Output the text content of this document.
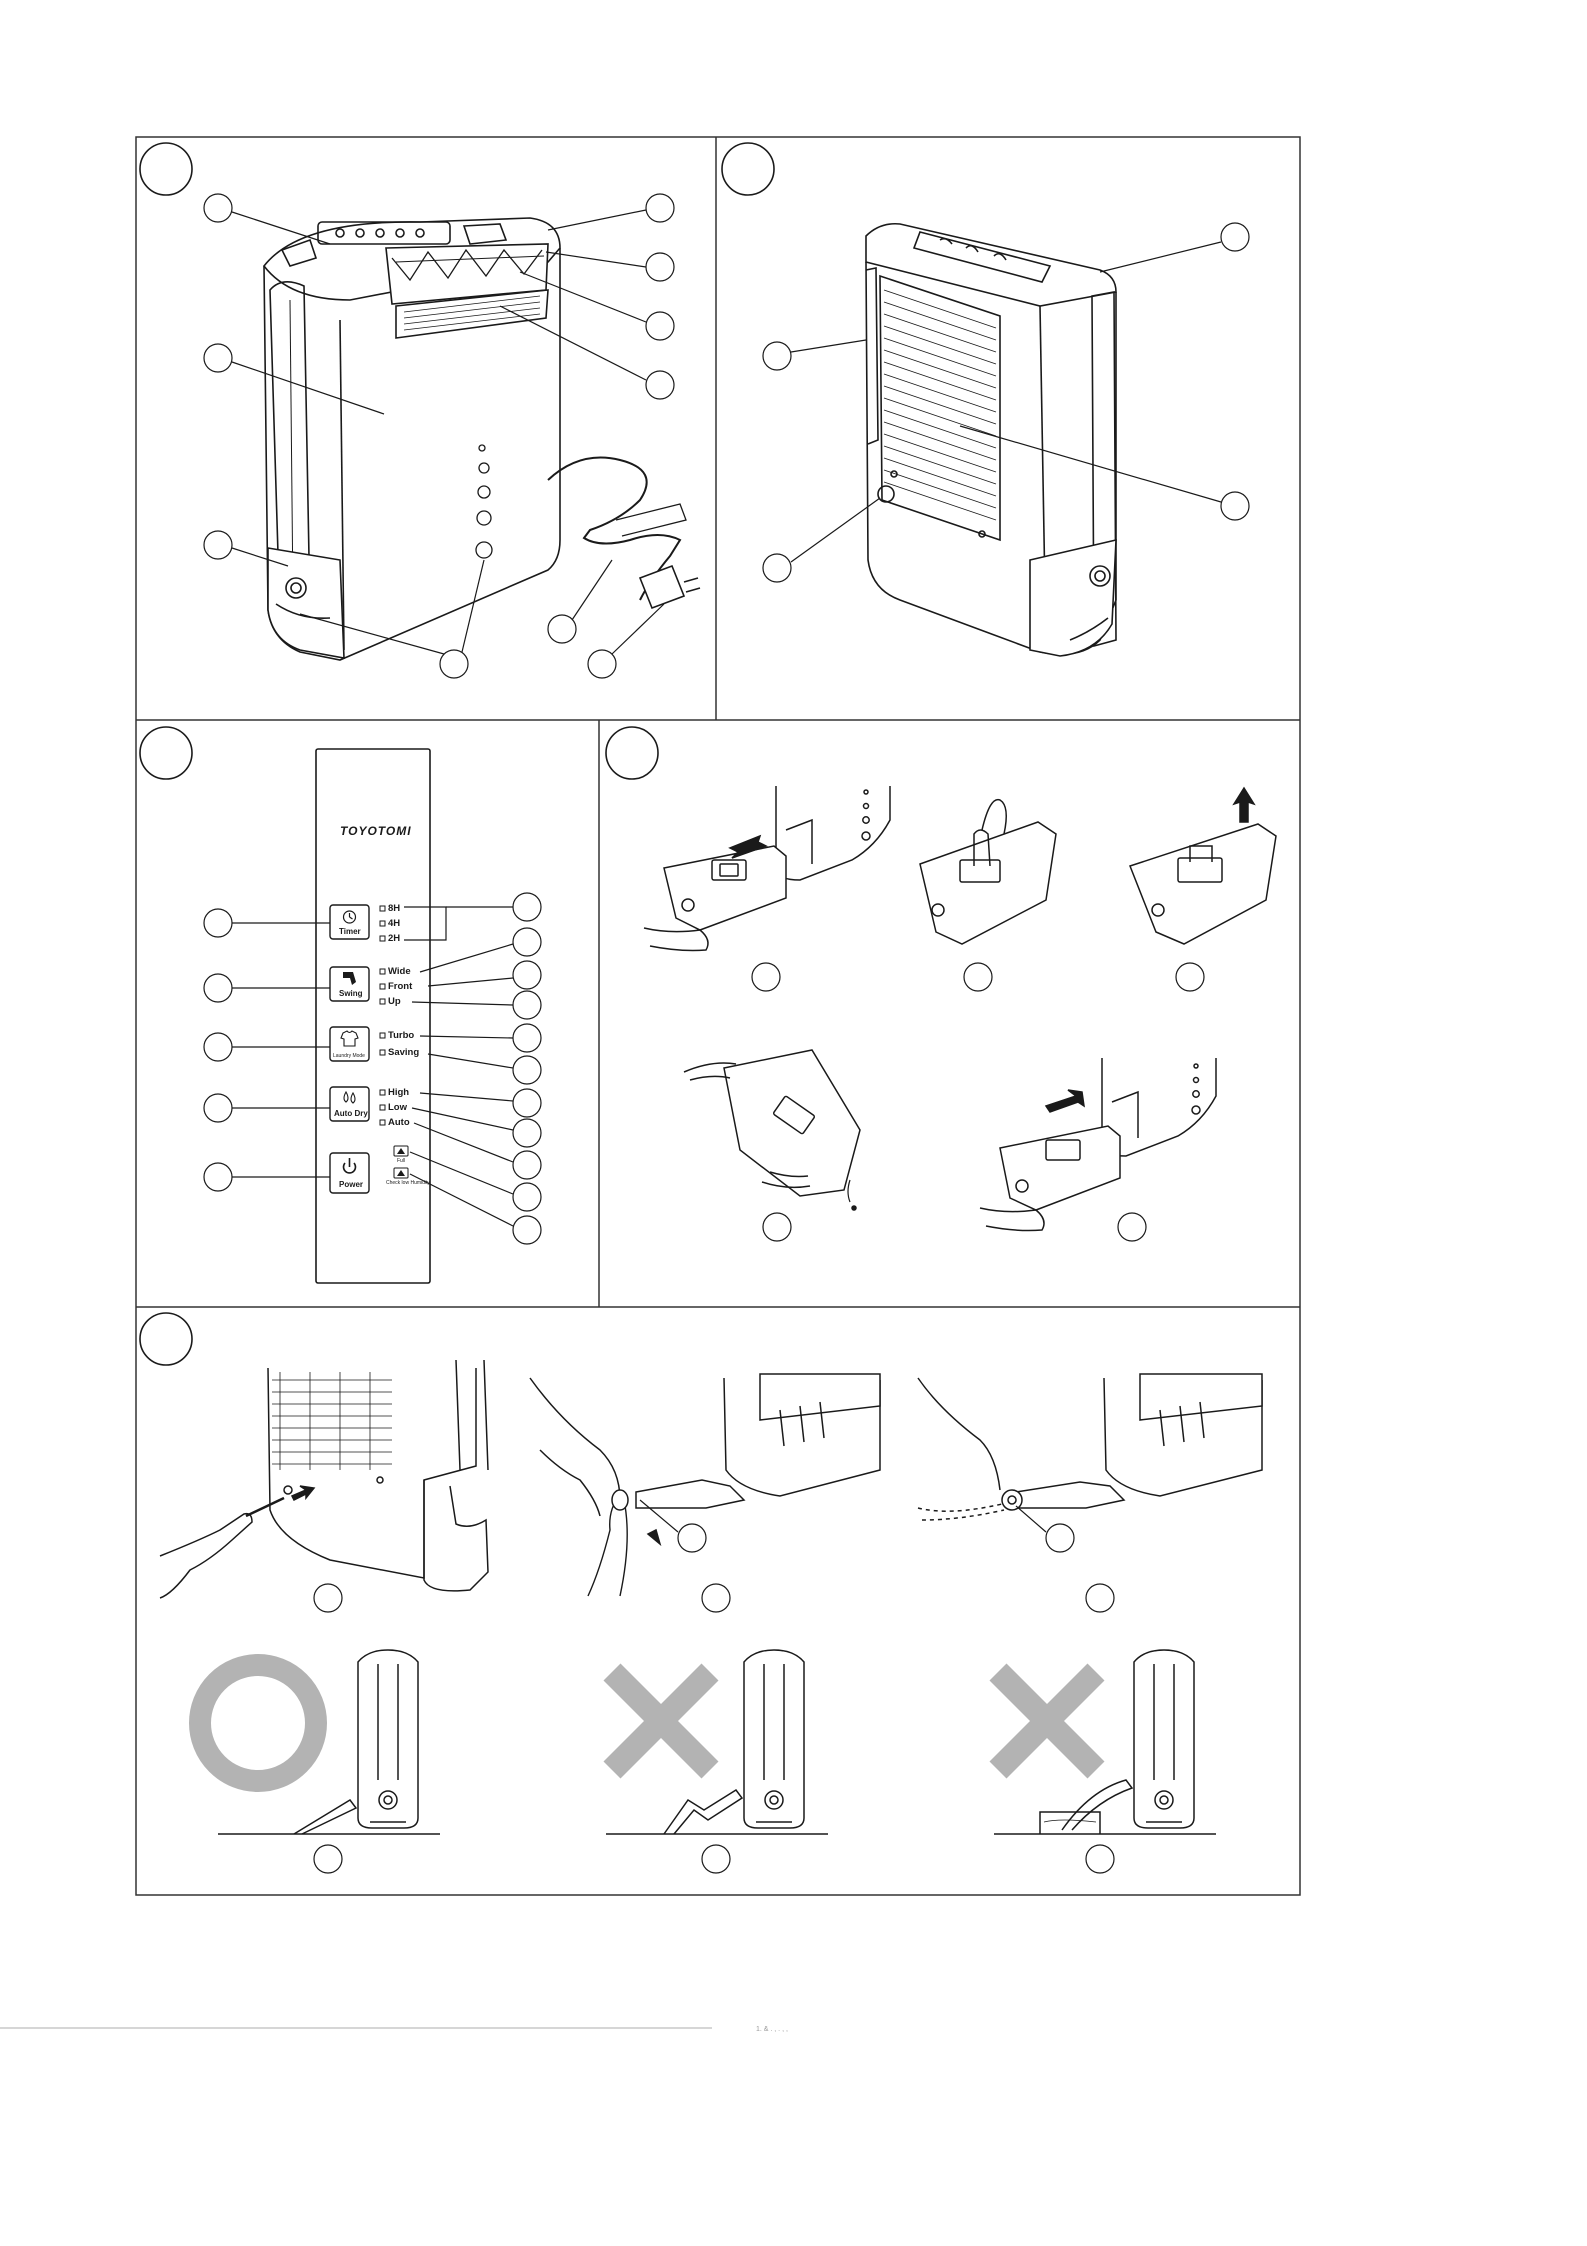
TOYOTOMI
Timer
Swing
Laundry Mode
Auto Dry
Power
8H
4H
2H
Wide
Front
Up
Turbo
Saving
High
Low
Auto
Full
Check low Humidity
1. & . , . , ,
